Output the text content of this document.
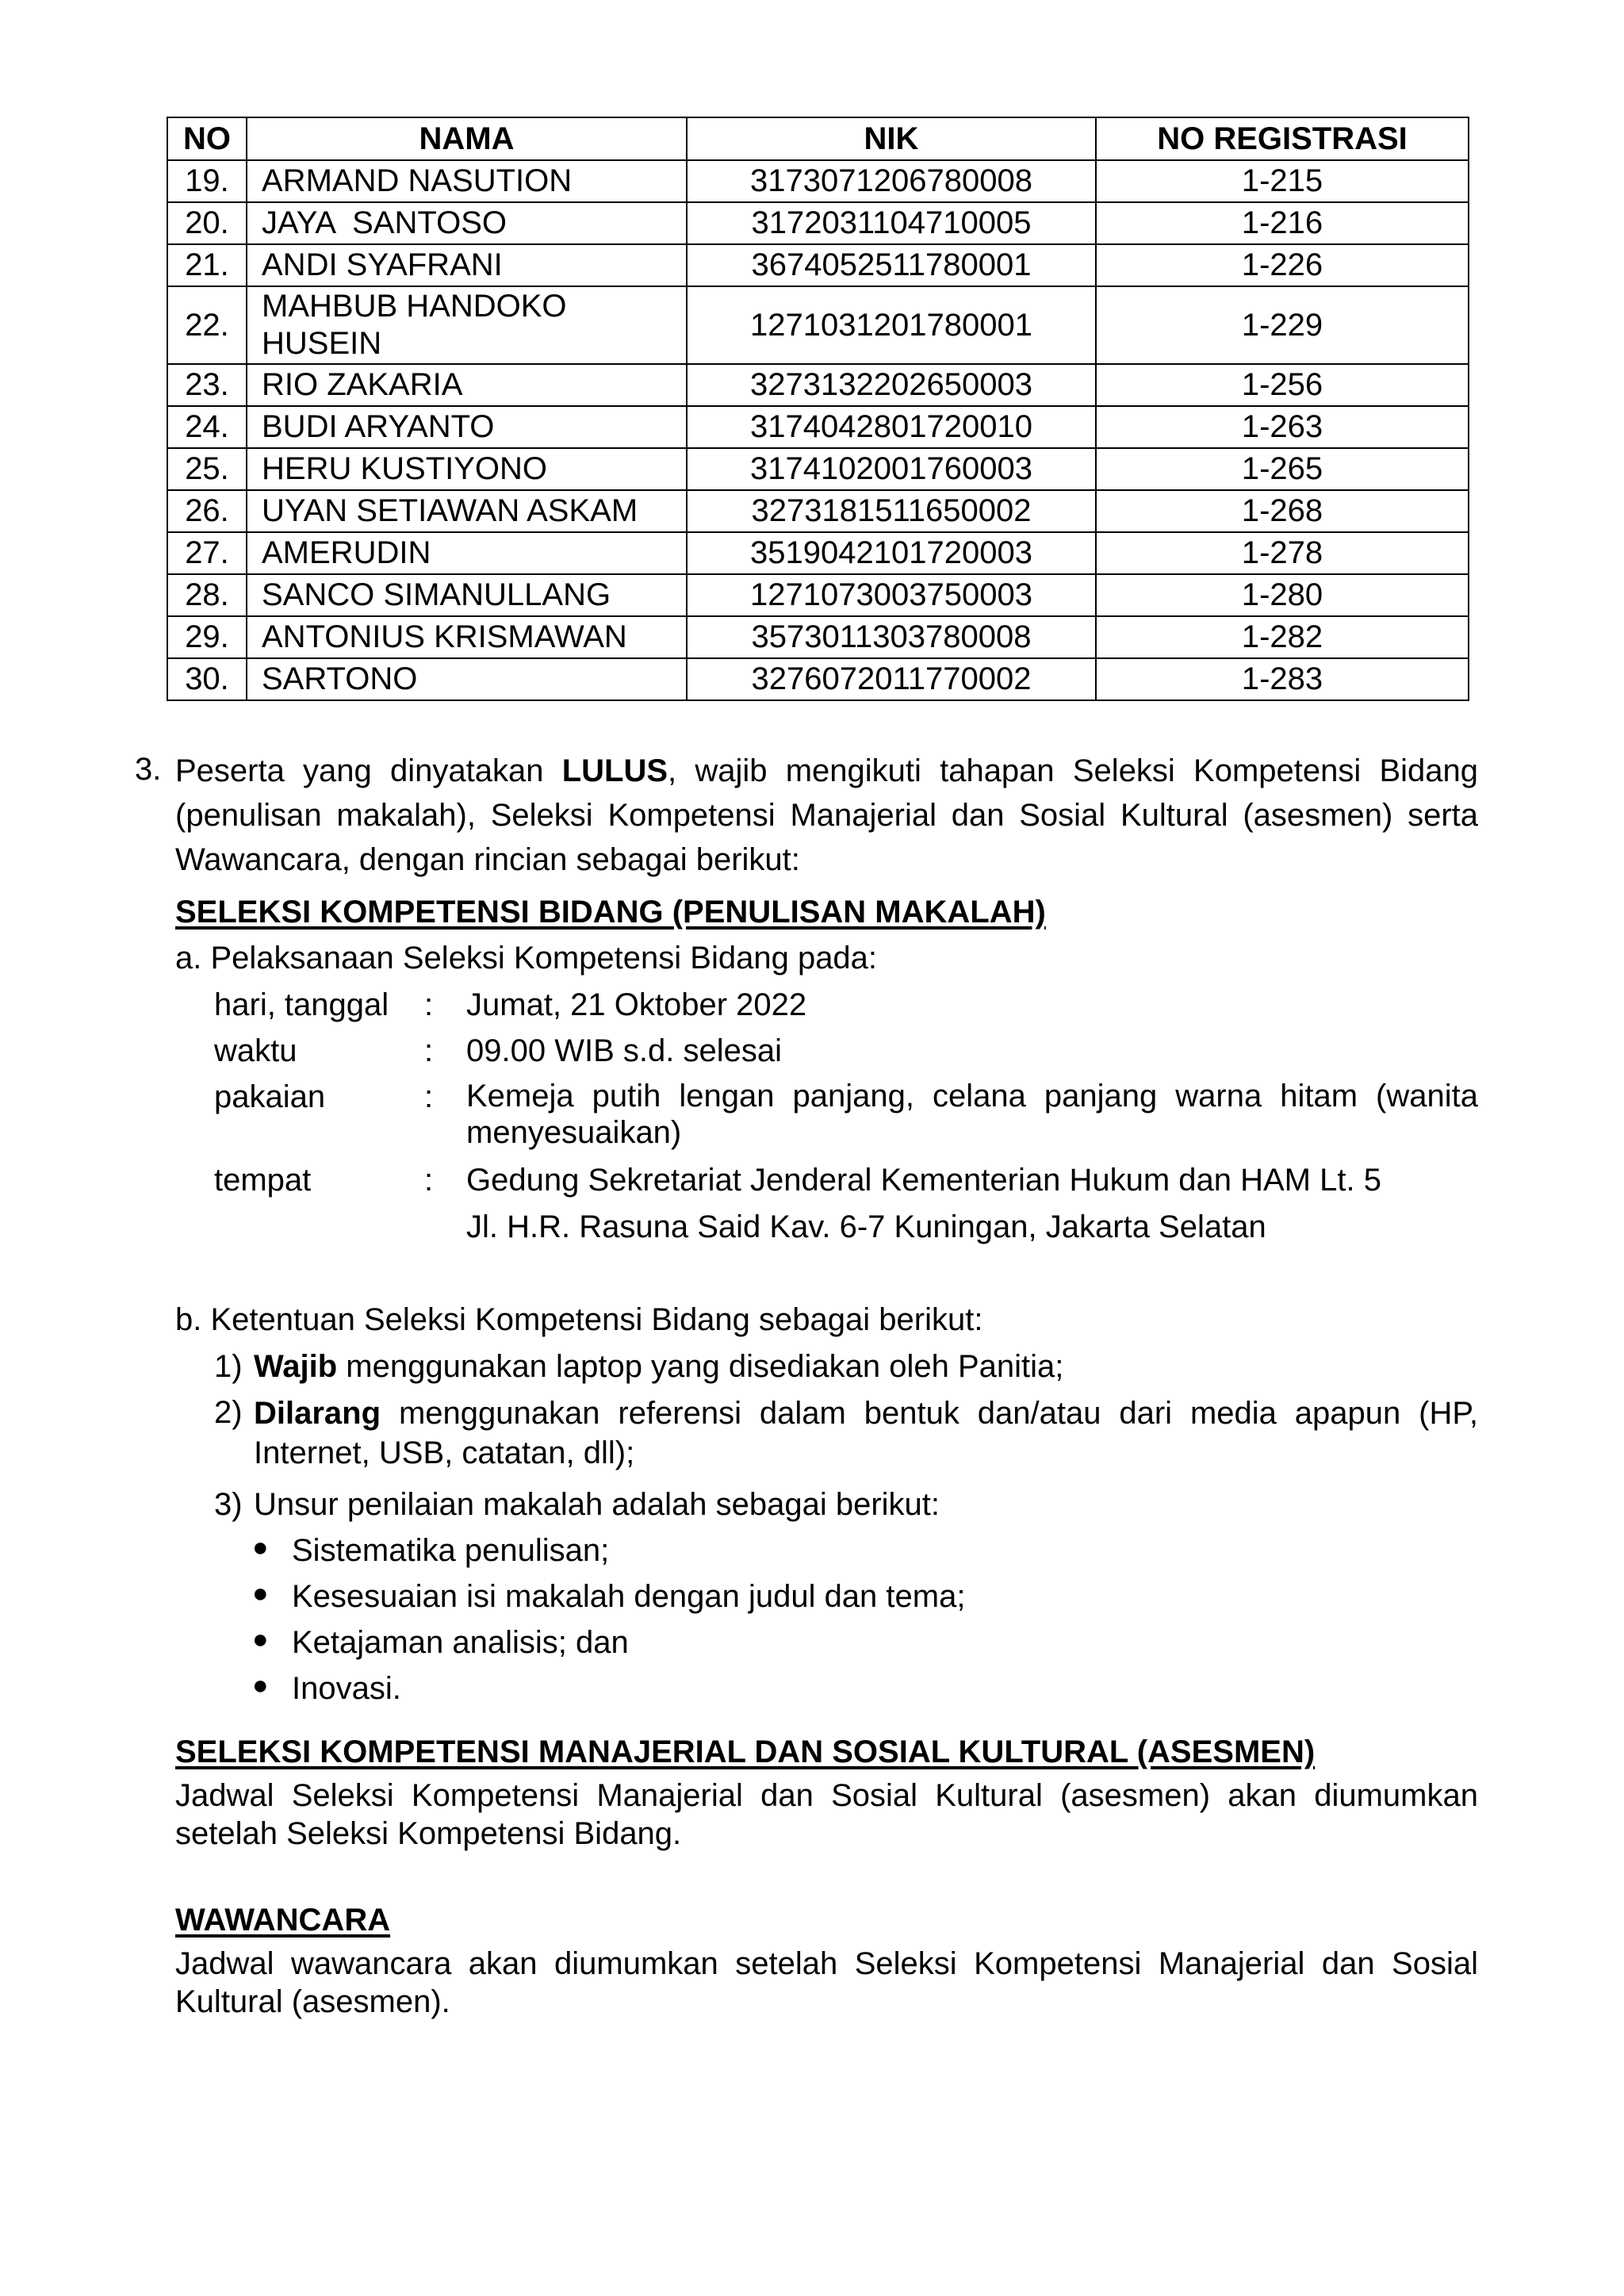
NO	NAMA	NIK	NO REGISTRASI
19.	ARMAND NASUTION	3173071206780008	1-215
20.	JAYA  SANTOSO	3172031104710005	1-216
21.	ANDI SYAFRANI	3674052511780001	1-226
22.	MAHBUB HANDOKO HUSEIN	1271031201780001	1-229
23.	RIO ZAKARIA	3273132202650003	1-256
24.	BUDI ARYANTO	3174042801720010	1-263
25.	HERU KUSTIYONO	3174102001760003	1-265
26.	UYAN SETIAWAN ASKAM	3273181511650002	1-268
27.	AMERUDIN	3519042101720003	1-278
28.	SANCO SIMANULLANG	1271073003750003	1-280
29.	ANTONIUS KRISMAWAN	3573011303780008	1-282
30.	SARTONO	3276072011770002	1-283
3. Peserta yang dinyatakan LULUS, wajib mengikuti tahapan Seleksi Kompetensi Bidang (penulisan makalah), Seleksi Kompetensi Manajerial dan Sosial Kultural (asesmen) serta Wawancara, dengan rincian sebagai berikut:
SELEKSI KOMPETENSI BIDANG (PENULISAN MAKALAH)
a. Pelaksanaan Seleksi Kompetensi Bidang pada:
hari, tanggal : Jumat, 21 Oktober 2022
waktu	: 09.00 WIB s.d. selesai
pakaian	: Kemeja putih lengan panjang, celana panjang warna hitam (wanita menyesuaikan)
tempat	: Gedung Sekretariat Jenderal Kementerian Hukum dan HAM Lt. 5
Jl. H.R. Rasuna Said Kav. 6-7 Kuningan, Jakarta Selatan
b. Ketentuan Seleksi Kompetensi Bidang sebagai berikut:
1) Wajib menggunakan laptop yang disediakan oleh Panitia;
2) Dilarang menggunakan referensi dalam bentuk dan/atau dari media apapun (HP, Internet, USB, catatan, dll);
3) Unsur penilaian makalah adalah sebagai berikut:
● Sistematika penulisan;
● Kesesuaian isi makalah dengan judul dan tema;
● Ketajaman analisis; dan
● Inovasi.
SELEKSI KOMPETENSI MANAJERIAL DAN SOSIAL KULTURAL (ASESMEN)
Jadwal Seleksi Kompetensi Manajerial dan Sosial Kultural (asesmen) akan diumumkan setelah Seleksi Kompetensi Bidang.
WAWANCARA
Jadwal wawancara akan diumumkan setelah Seleksi Kompetensi Manajerial dan Sosial Kultural (asesmen).
